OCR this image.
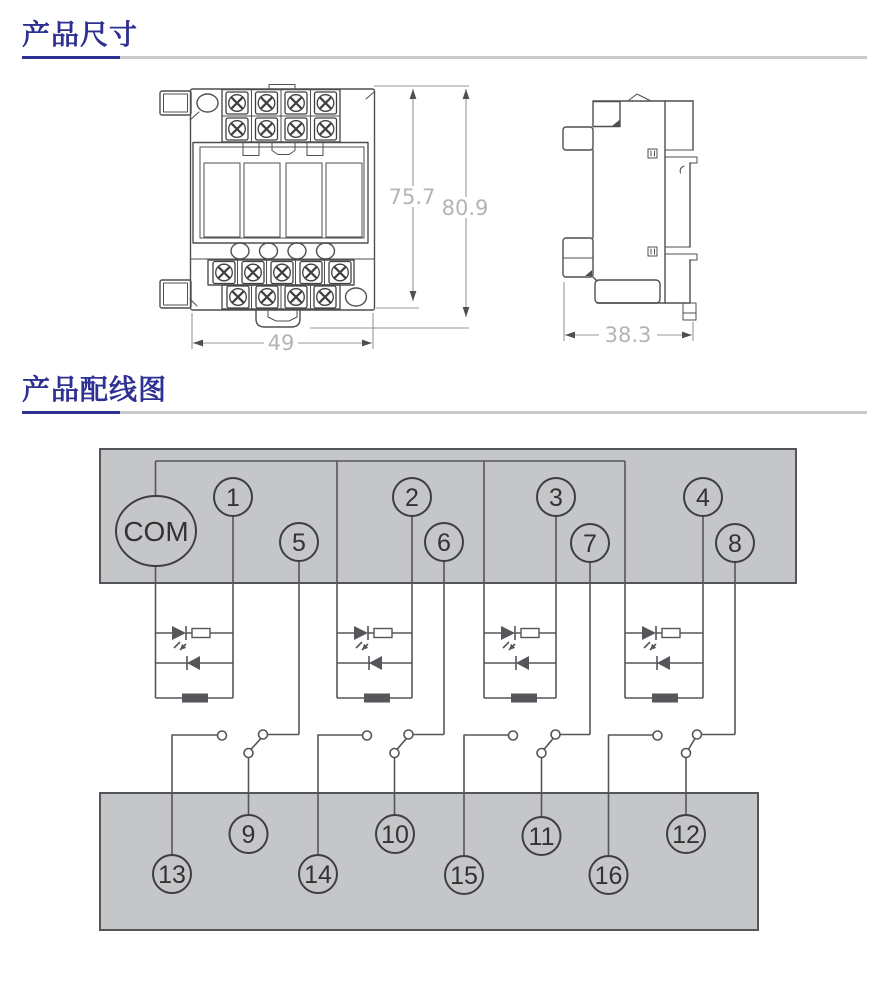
产品尺寸
产品配线图
75.7 80.9
49	38.3
COM
1	2	3	4
5	6	7	8
9	10	11	12
13	14	15	16
